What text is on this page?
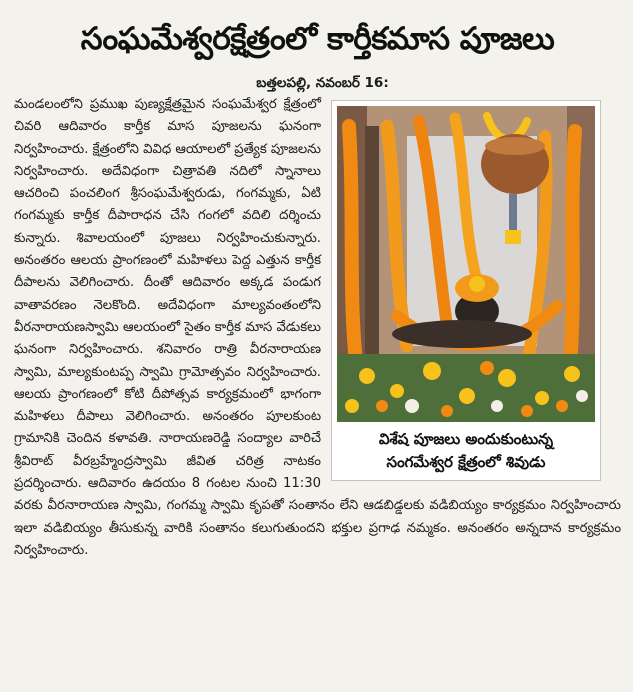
సంఘమేశ్వరక్షేత్రంలో కార్తీకమాస పూజలు
బత్తలపల్లి, నవంబర్ 16:
విశేష పూజలు అందుకుంటున్న
సంగమేశ్వర క్షేత్రంలో శివుడు

మండలంలోని ప్రముఖ పుణ్యక్షేత్రమైన సంఘమేశ్వర క్షేత్రంలో చివరి ఆదివారం కార్తీక మాస పూజలను ఘనంగా నిర్వహించారు. క్షేత్రంలోని వివిధ ఆయాలలో ప్రత్యేక పూజలను నిర్వహించారు. అదేవిధంగా చిత్రావతి నదిలో స్నానాలు ఆచరించి పంచలింగ శ్రీసంఘమేశ్వరుడు, గంగమ్మకు, ఏటి గంగమ్మకు కార్తీక దీపారాధన చేసి గంగలో వదిలి దర్శించు కున్నారు. శివాలయంలో పూజలు నిర్వహించుకున్నారు. అనంతరం ఆలయ ప్రాంగణంలో మహిళలు పెద్ద ఎత్తున కార్తీక దీపాలను వెలిగించారు. దీంతో ఆదివారం అక్కడ పండుగ వాతావరణం నెలకొంది. అదేవిధంగా మాల్యవంతంలోని వీరనారాయణస్వామి ఆలయంలో సైతం కార్తీక మాస వేడుకలు ఘనంగా నిర్వహించారు. శనివారం రాత్రి వీరనారాయణ స్వామి, మాల్యకుంటప్ప స్వామి గ్రామోత్సవం నిర్వహించారు. ఆలయ ప్రాంగణంలో కోటి దీపోత్సవ కార్యక్రమంలో భాగంగా మహిళలు దీపాలు వెలిగించారు. అనంతరం పూలకుంట గ్రామానికి చెందిన కళావతి. నారాయణరెడ్డి సంద్యాల వారిచే శ్రీవిరాట్ వీరబ్రహ్మేంద్రస్వామి జీవిత చరిత్ర నాటకం ప్రదర్శించారు. ఆదివారం ఉదయం 8 గంటల నుంచి 11:30 వరకు వీరనారాయణ స్వామి, గంగమ్మ స్వామి కృపతో సంతానం లేని ఆడబిడ్డలకు వడిబియ్యం కార్యక్రమం నిర్వహించారు ఇలా వడిబియ్యం తీసుకున్న వారికి సంతానం కలుగుతుందని భక్తుల ప్రగాఢ నమ్మకం. అనంతరం అన్నదాన కార్యక్రమం నిర్వహించారు.
